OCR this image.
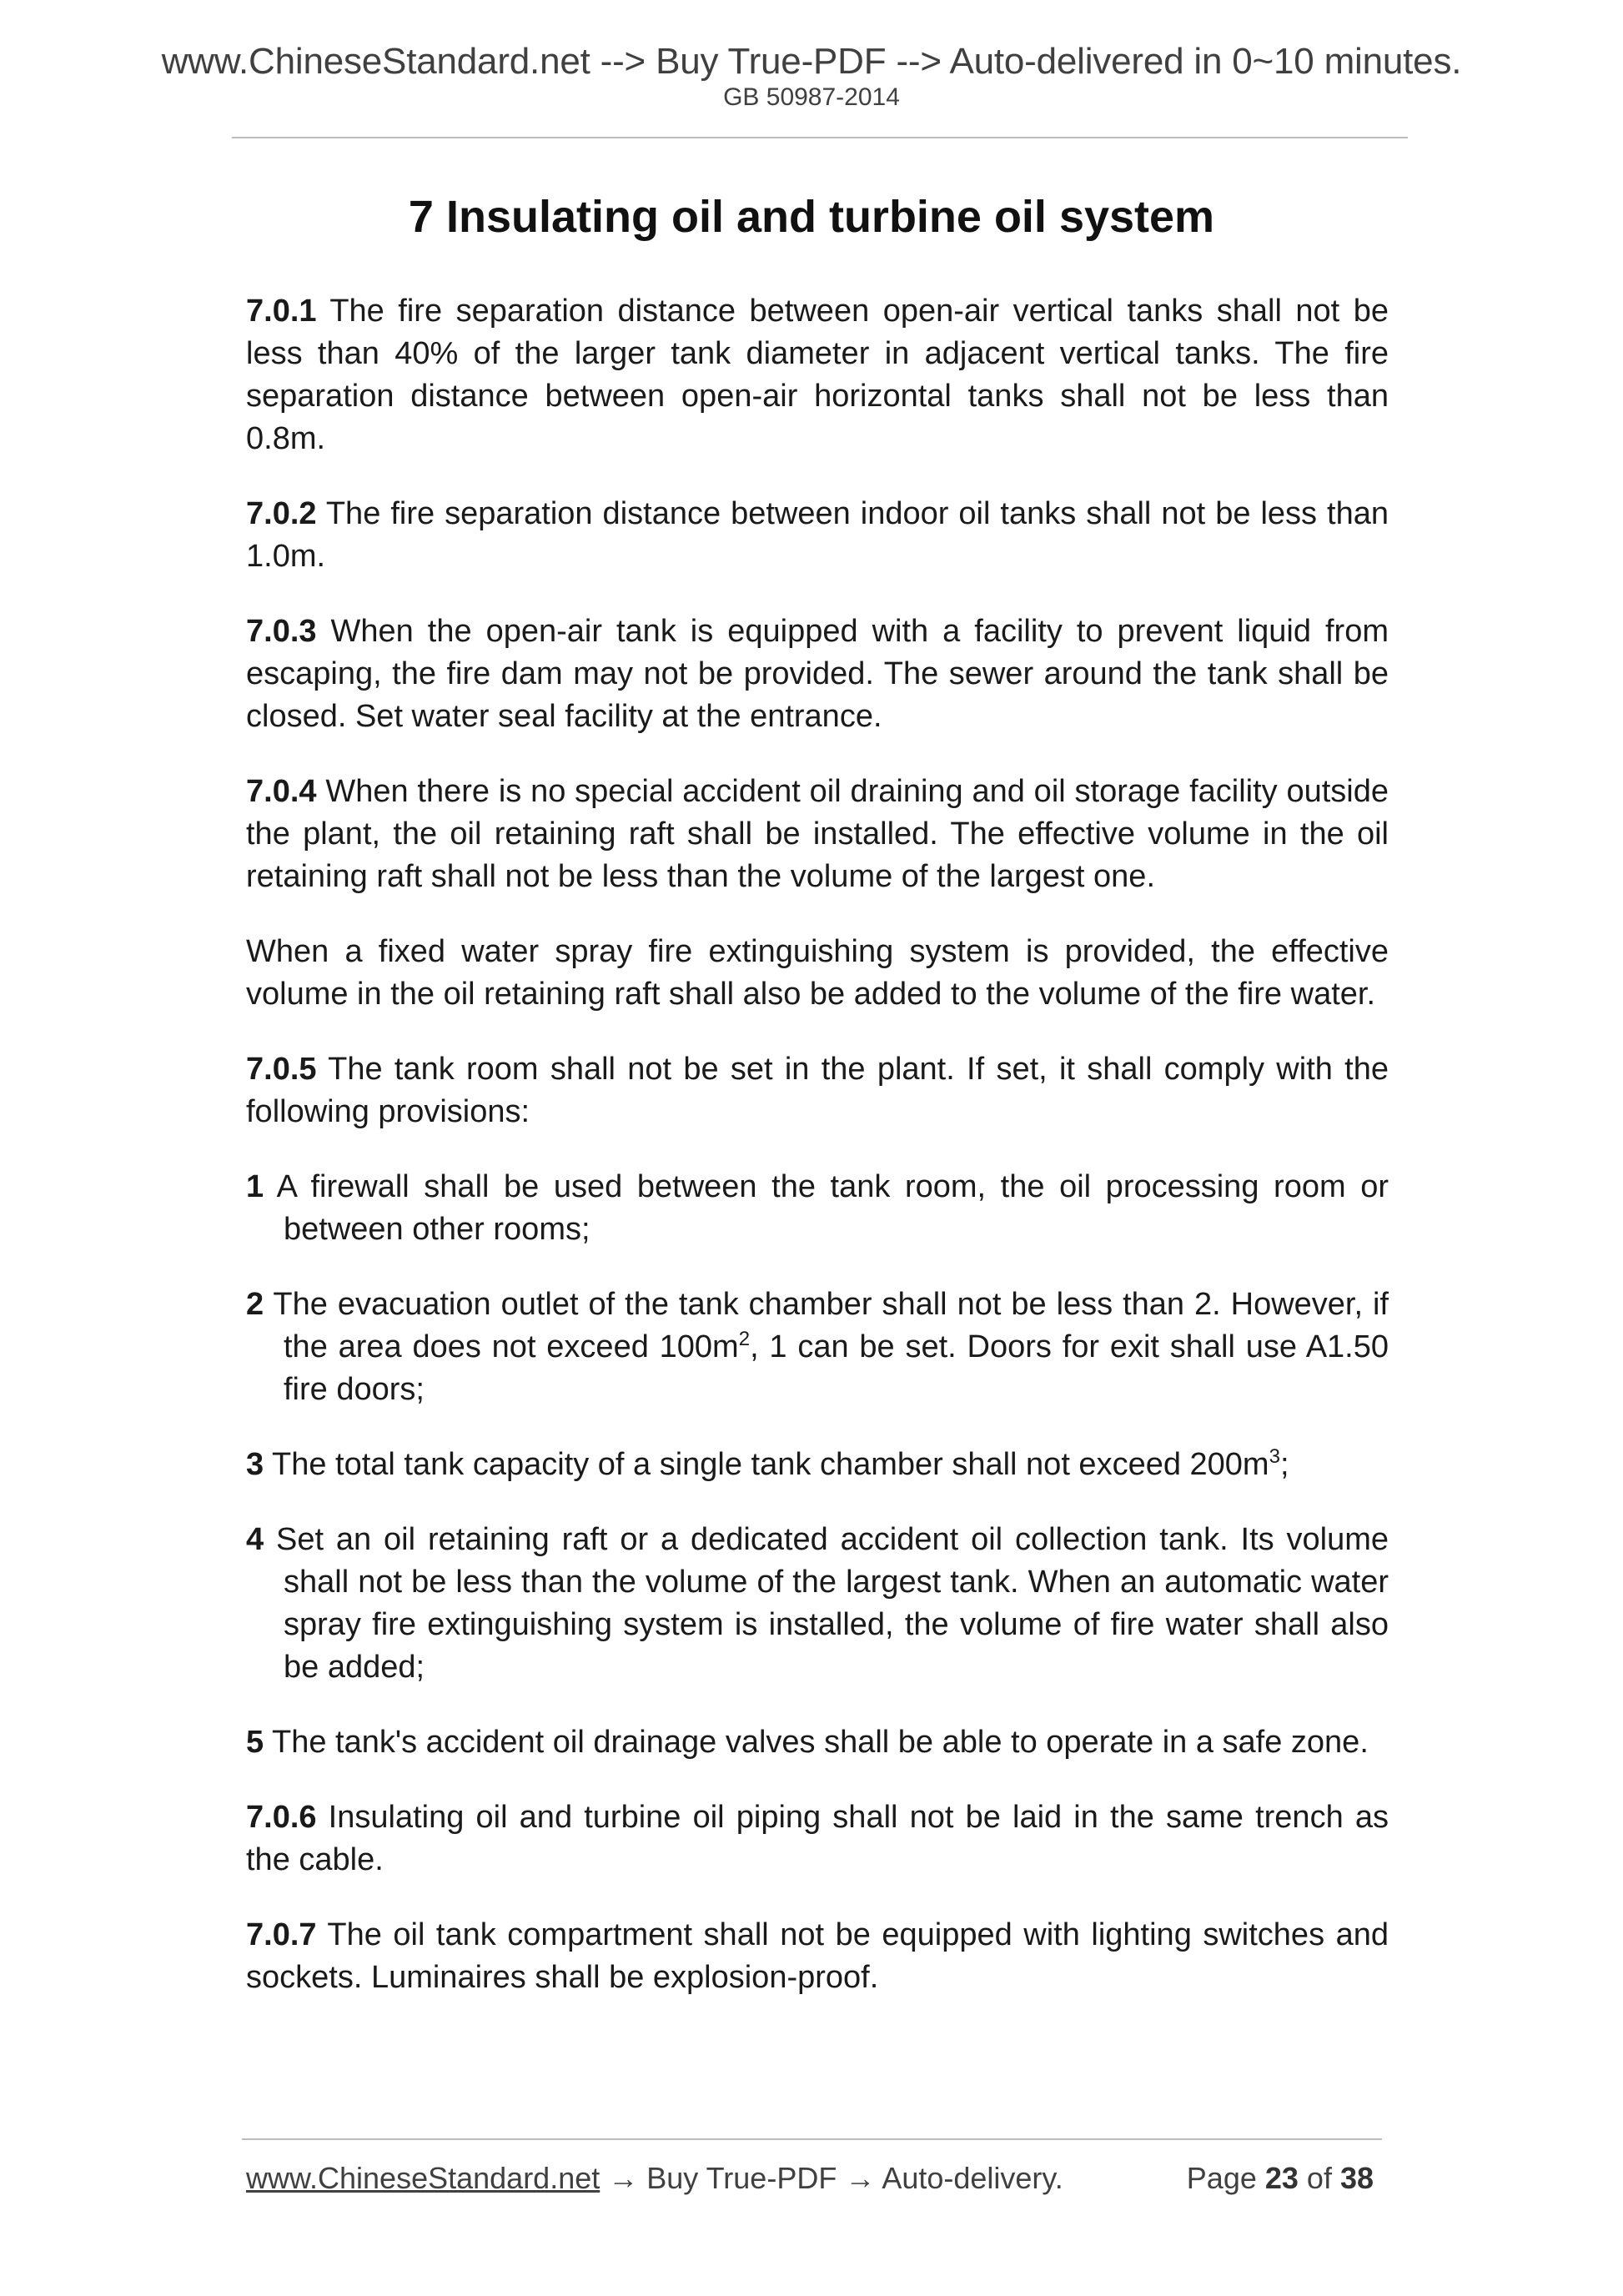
www.ChineseStandard.net --> Buy True-PDF --> Auto-delivered in 0~10 minutes.
GB 50987-2014
7 Insulating oil and turbine oil system

7.0.1 The fire separation distance between open-air vertical tanks shall not be less than 40% of the larger tank diameter in adjacent vertical tanks. The fire separation distance between open-air horizontal tanks shall not be less than 0.8m.

7.0.2 The fire separation distance between indoor oil tanks shall not be less than 1.0m.

7.0.3 When the open-air tank is equipped with a facility to prevent liquid from escaping, the fire dam may not be provided. The sewer around the tank shall be closed. Set water seal facility at the entrance.

7.0.4 When there is no special accident oil draining and oil storage facility outside the plant, the oil retaining raft shall be installed. The effective volume in the oil retaining raft shall not be less than the volume of the largest one.

When a fixed water spray fire extinguishing system is provided, the effective volume in the oil retaining raft shall also be added to the volume of the fire water.

7.0.5 The tank room shall not be set in the plant. If set, it shall comply with the following provisions:

1 A firewall shall be used between the tank room, the oil processing room or between other rooms;

2 The evacuation outlet of the tank chamber shall not be less than 2. However, if the area does not exceed $100m^2$, 1 can be set. Doors for exit shall use A1.50 fire doors;

3 The total tank capacity of a single tank chamber shall not exceed $200m^3$;

4 Set an oil retaining raft or a dedicated accident oil collection tank. Its volume shall not be less than the volume of the largest tank. When an automatic water spray fire extinguishing system is installed, the volume of fire water shall also be added;

5 The tank's accident oil drainage valves shall be able to operate in a safe zone.

7.0.6 Insulating oil and turbine oil piping shall not be laid in the same trench as the cable.

7.0.7 The oil tank compartment shall not be equipped with lighting switches and sockets. Luminaires shall be explosion-proof.

www.ChineseStandard.net → Buy True-PDF → Auto-delivery.	Page 23 of 38
